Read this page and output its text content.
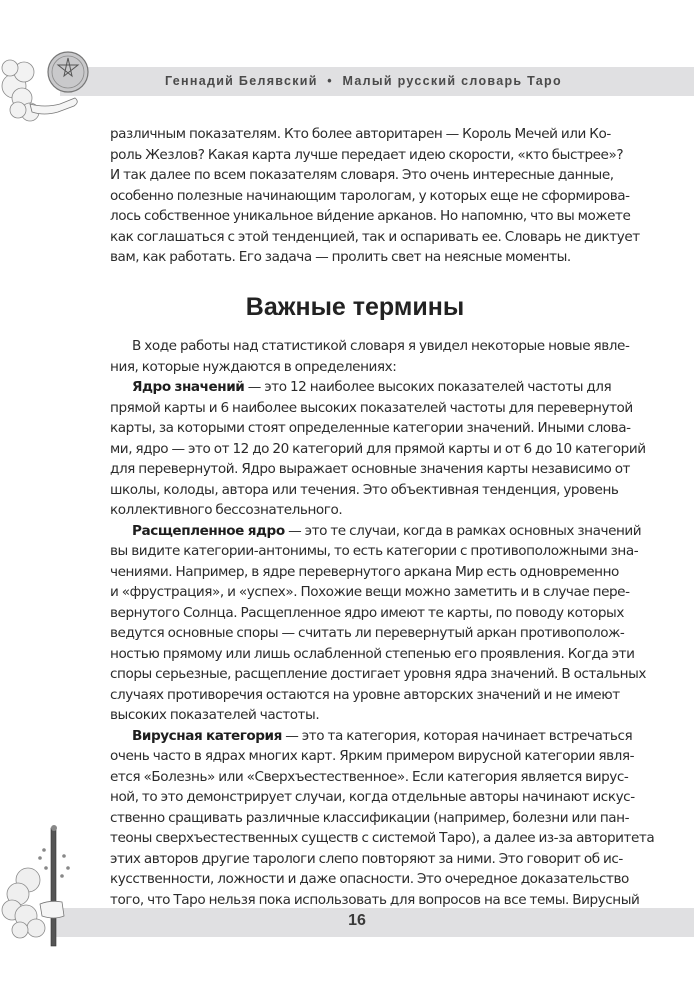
Геннадий Белявский  •  Малый русский словарь Таро

различным показателям. Кто более авторитарен — Король Мечей или Ко-
роль Жезлов? Какая карта лучше передает идею скорости, «кто быстрее»?
И так далее по всем показателям словаря. Это очень интересные данные,
особенно полезные начинающим тарологам, у которых еще не сформирова-
лось собственное уникальное ви́дение арканов. Но напомню, что вы можете
как соглашаться с этой тенденцией, так и оспаривать ее. Словарь не диктует
вам, как работать. Его задача — пролить свет на неясные моменты.

Важные термины

В ходе работы над статистикой словаря я увидел некоторые новые явле-
ния, которые нуждаются в определениях:

Ядро значений — это 12 наиболее высоких показателей частоты для
прямой карты и 6 наиболее высоких показателей частоты для перевернутой
карты, за которыми стоят определенные категории значений. Иными слова-
ми, ядро — это от 12 до 20 категорий для прямой карты и от 6 до 10 категорий
для перевернутой. Ядро выражает основные значения карты независимо от
школы, колоды, автора или течения. Это объективная тенденция, уровень
коллективного бессознательного.

Расщепленное ядро — это те случаи, когда в рамках основных значений
вы видите категории-антонимы, то есть категории с противоположными зна-
чениями. Например, в ядре перевернутого аркана Мир есть одновременно
и «фрустрация», и «успех». Похожие вещи можно заметить и в случае пере-
вернутого Солнца. Расщепленное ядро имеют те карты, по поводу которых
ведутся основные споры — считать ли перевернутый аркан противополож-
ностью прямому или лишь ослабленной степенью его проявления. Когда эти
споры серьезные, расщепление достигает уровня ядра значений. В остальных
случаях противоречия остаются на уровне авторских значений и не имеют
высоких показателей частоты.

Вирусная категория — это та категория, которая начинает встречаться
очень часто в ядрах многих карт. Ярким примером вирусной категории явля-
ется «Болезнь» или «Сверхъестественное». Если категория является вирус-
ной, то это демонстрирует случаи, когда отдельные авторы начинают искус-
ственно сращивать различные классификации (например, болезни или пан-
теоны сверхъестественных существ с системой Таро), а далее из-за авторитета
этих авторов другие тарологи слепо повторяют за ними. Это говорит об ис-
кусственности, ложности и даже опасности. Это очередное доказательство
того, что Таро нельзя пока использовать для вопросов на все темы. Вирусный

16
